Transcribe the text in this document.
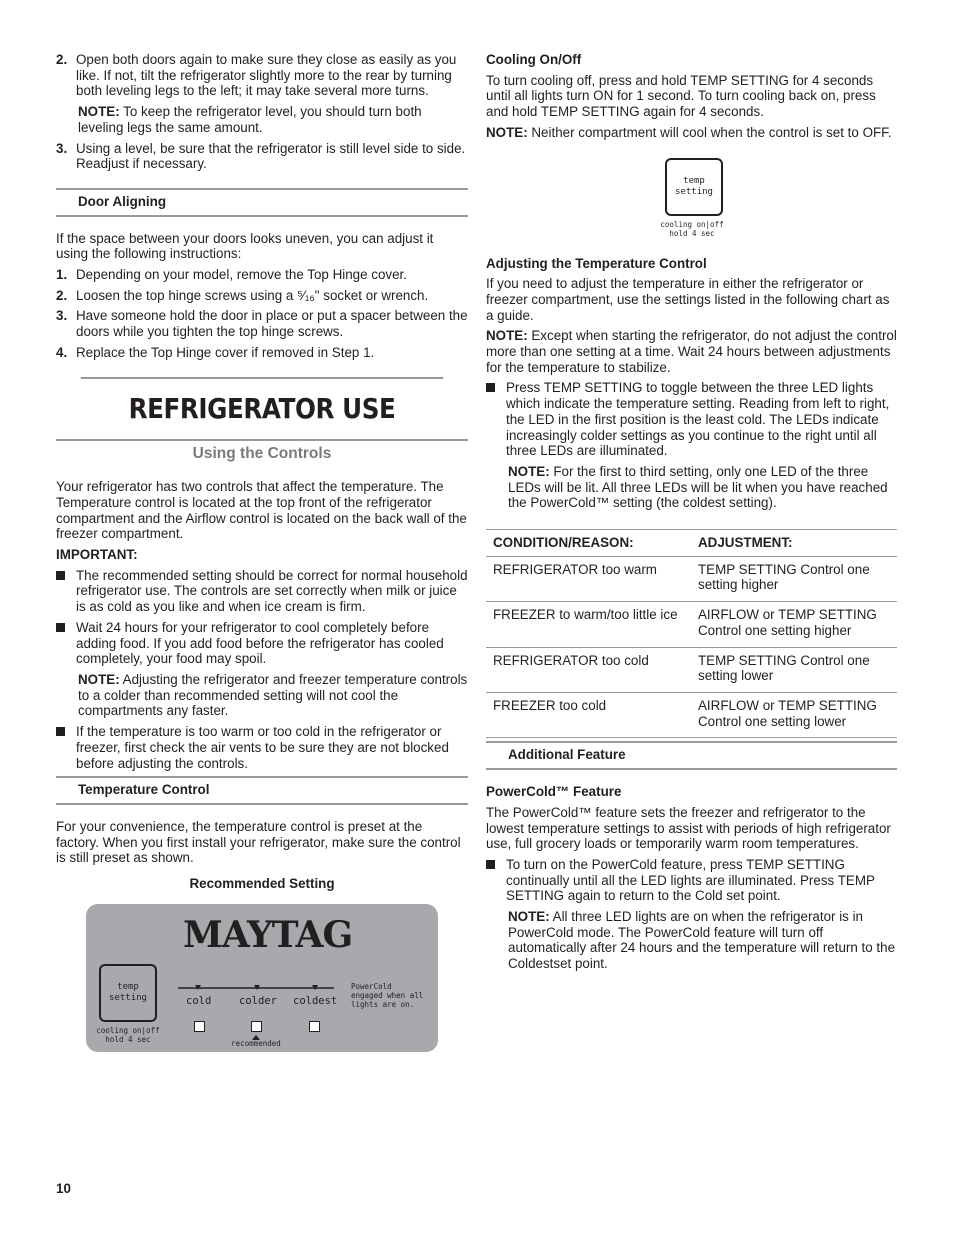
2. Open both doors again to make sure they close as easily as you like. If not, tilt the refrigerator slightly more to the rear by turning both leveling legs to the left; it may take several more turns.

NOTE: To keep the refrigerator level, you should turn both leveling legs the same amount.

3. Using a level, be sure that the refrigerator is still level side to side. Readjust if necessary.
Door Aligning

If the space between your doors looks uneven, you can adjust it using the following instructions:

1. Depending on your model, remove the Top Hinge cover.
2. Loosen the top hinge screws using a ⁵⁄₁₆" socket or wrench.
3. Have someone hold the door in place or put a spacer between the doors while you tighten the top hinge screws.
4. Replace the Top Hinge cover if removed in Step 1.
REFRIGERATOR USE
Using the Controls

Your refrigerator has two controls that affect the temperature. The Temperature control is located at the top front of the refrigerator compartment and the Airflow control is located on the back wall of the freezer compartment.

IMPORTANT:

The recommended setting should be correct for normal household refrigerator use. The controls are set correctly when milk or juice is as cold as you like and when ice cream is firm.
Wait 24 hours for your refrigerator to cool completely before adding food. If you add food before the refrigerator has cooled completely, your food may spoil.

NOTE: Adjusting the refrigerator and freezer temperature controls to a colder than recommended setting will not cool the compartments any faster.

If the temperature is too warm or too cold in the refrigerator or freezer, first check the air vents to be sure they are not blocked before adjusting the controls.
Temperature Control

For your convenience, the temperature control is preset at the factory. When you first install your refrigerator, make sure the control is still preset as shown.

Recommended Setting
MAYTAG
temp
setting
cooling on|off
hold 4 sec
cold	colder coldest
recommended
PowerCold
engaged when all
lights are on.

Cooling On/Off

To turn cooling off, press and hold TEMP SETTING for 4 seconds until all lights turn ON for 1 second. To turn cooling back on, press and hold TEMP SETTING again for 4 seconds.

NOTE: Neither compartment will cool when the control is set to OFF.

temp
setting
cooling on|off
hold 4 sec

Adjusting the Temperature Control

If you need to adjust the temperature in either the refrigerator or freezer compartment, use the settings listed in the following chart as a guide.

NOTE: Except when starting the refrigerator, do not adjust the control more than one setting at a time. Wait 24 hours between adjustments for the temperature to stabilize.

Press TEMP SETTING to toggle between the three LED lights which indicate the temperature setting. Reading from left to right, the LED in the first position is the least cold. The LEDs indicate increasingly colder settings as you continue to the right until all three LEDs are illuminated.

NOTE: For the first to third setting, only one LED of the three LEDs will be lit. All three LEDs will be lit when you have reached the PowerCold™ setting (the coldest setting).

CONDITION/REASON:	ADJUSTMENT:
REFRIGERATOR too warm	TEMP SETTING Control one setting higher
FREEZER to warm/too little ice	AIRFLOW or TEMP SETTING Control one setting higher
REFRIGERATOR too cold	TEMP SETTING Control one setting lower
FREEZER too cold	AIRFLOW or TEMP SETTING Control one setting lower
Additional Feature

PowerCold™ Feature

The PowerCold™ feature sets the freezer and refrigerator to the lowest temperature settings to assist with periods of high refrigerator use, full grocery loads or temporarily warm room temperatures.

To turn on the PowerCold feature, press TEMP SETTING continually until all the LED lights are illuminated. Press TEMP SETTING again to return to the Cold set point.

NOTE: All three LED lights are on when the refrigerator is in PowerCold mode. The PowerCold feature will turn off automatically after 24 hours and the temperature will return to the Coldestset point.

10
